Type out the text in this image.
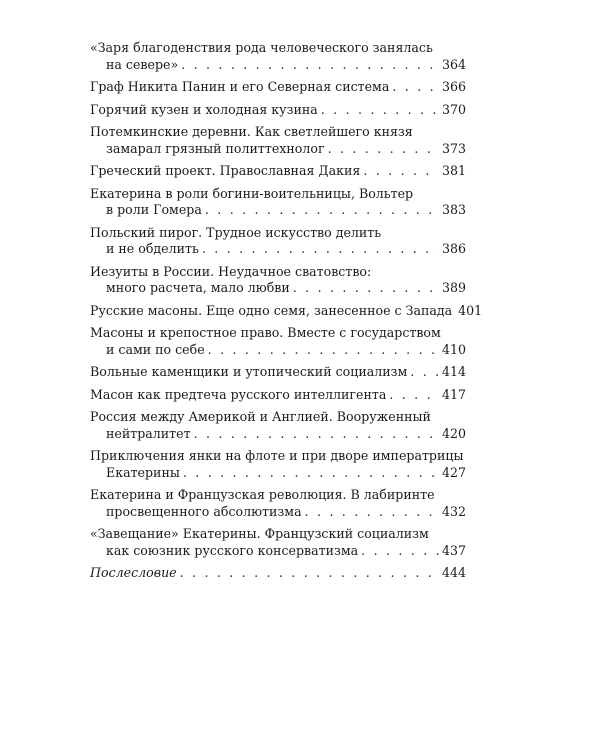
«Заря благоденствия рода человеческого занялась
на севере» . . .	364
Граф Никита Панин и его Северная система . . .	366
Горячий кузен и холодная кузина . . .	370
Потемкинские деревни. Как светлейшего князя
замарал грязный политтехнолог . . .	373
Греческий проект. Православная Дакия . . .	381
Екатерина в роли богини-воительницы, Вольтер
в роли Гомера . . .	383
Польский пирог. Трудное искусство делить
и не обделить . . .	386
Иезуиты в России. Неудачное сватовство:
много расчета, мало любви . . .	389
Русские масоны. Еще одно семя, занесенное с Запада 401
Масоны и крепостное право. Вместе с государством
и сами по себе . . .	410
Вольные каменщики и утопический социализм . . .	414
Масон как предтеча русского интеллигента . . .	417
Россия между Америкой и Англией. Вооруженный
нейтралитет . . .	420
Приключения янки на флоте и при дворе императрицы
Екатерины . . .	427
Екатерина и Французская революция. В лабиринте
просвещенного абсолютизма . . .	432
«Завещание» Екатерины. Французский социализм
как союзник русского консерватизма . . .	437
Послесловие . . .	444
